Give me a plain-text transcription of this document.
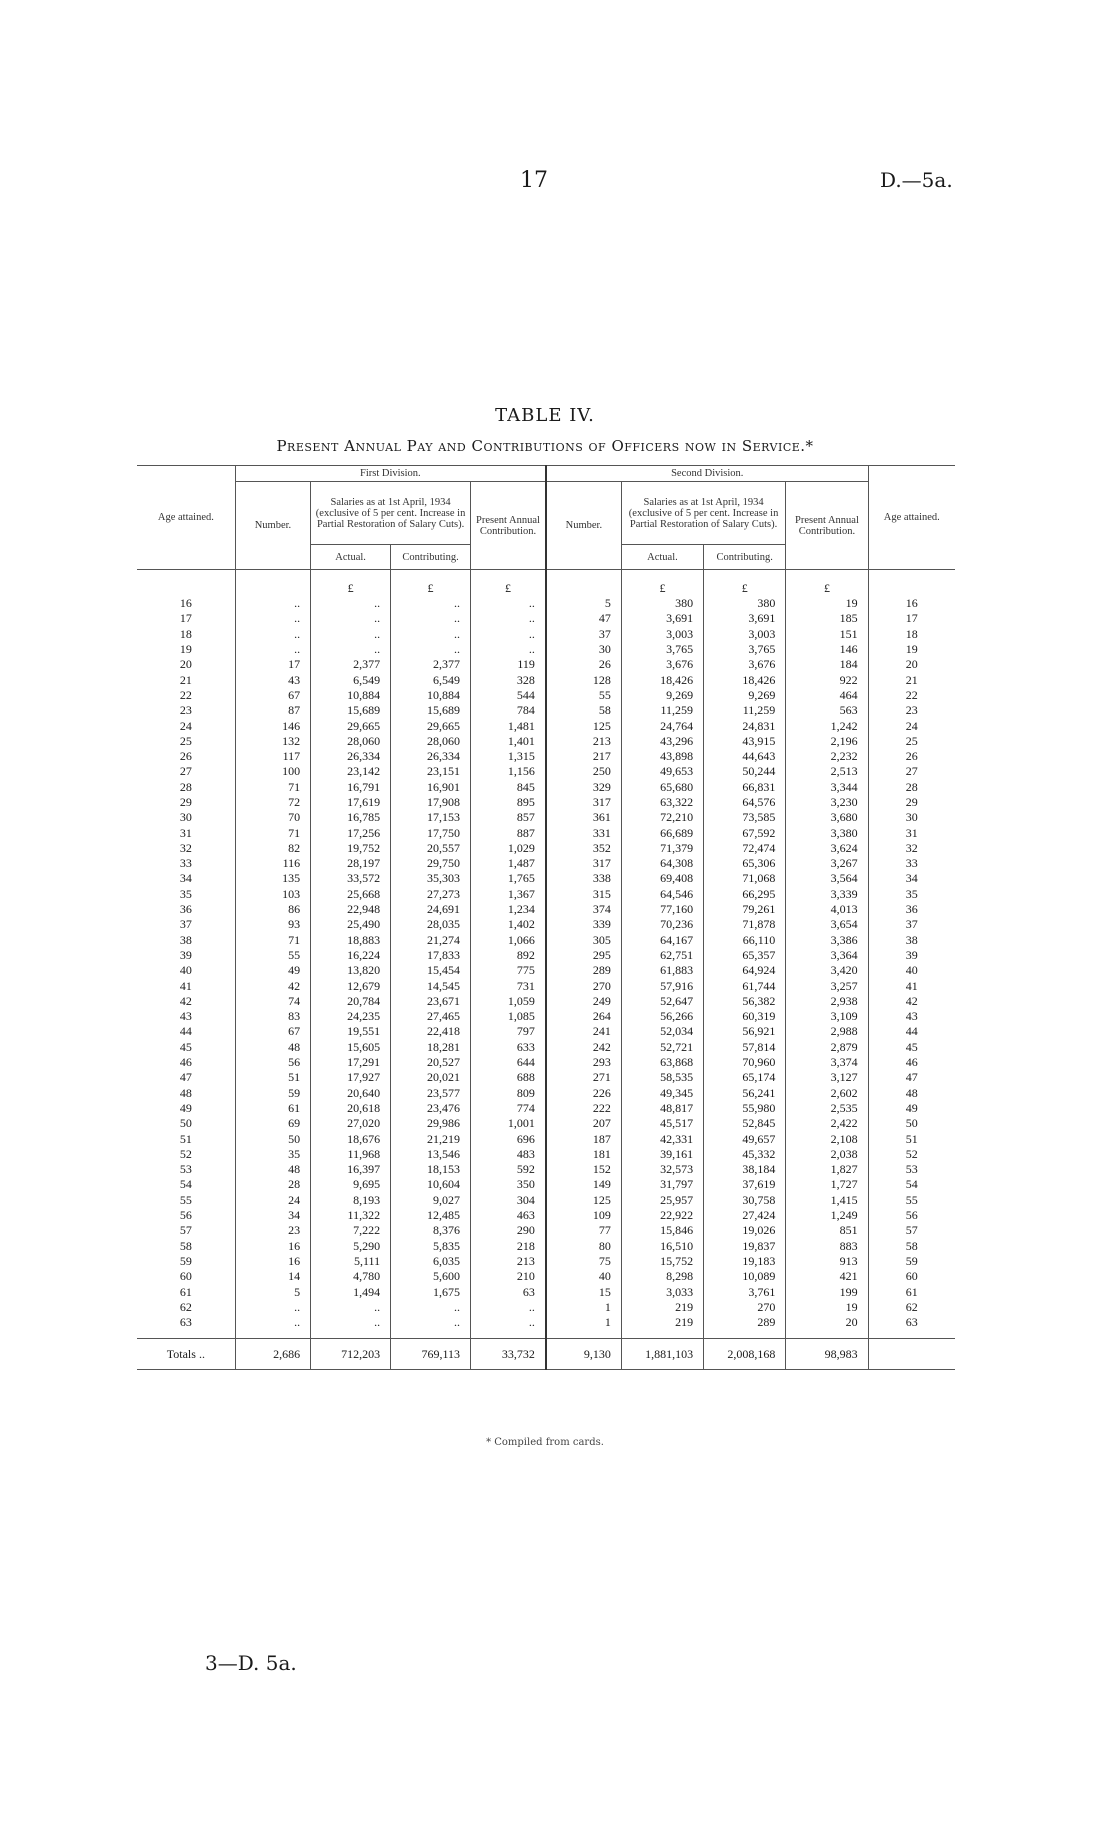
17	D.—5a.
TABLE IV.
Present Annual Pay and Contributions of Officers now in Service.*
Age attained.	First Division.				Second Division.				Age attained.
	Number.	Salaries as at 1st April, 1934 (exclusive of 5 per cent. Increase in Partial Restoration of Salary Cuts).		Present Annual Contribution.	Number.	Salaries as at 1st April, 1934 (exclusive of 5 per cent. Increase in Partial Restoration of Salary Cuts).		Present Annual Contribution.	
		Actual.	Contributing.			Actual.	Contributing.		
		£	£	£		£	£	£	
16	..	..	..	..	5	380	380	19	16
17	..	..	..	..	47	3,691	3,691	185	17
18	..	..	..	..	37	3,003	3,003	151	18
19	..	..	..	..	30	3,765	3,765	146	19
20	17	2,377	2,377	119	26	3,676	3,676	184	20
21	43	6,549	6,549	328	128	18,426	18,426	922	21
22	67	10,884	10,884	544	55	9,269	9,269	464	22
23	87	15,689	15,689	784	58	11,259	11,259	563	23
24	146	29,665	29,665	1,481	125	24,764	24,831	1,242	24
25	132	28,060	28,060	1,401	213	43,296	43,915	2,196	25
26	117	26,334	26,334	1,315	217	43,898	44,643	2,232	26
27	100	23,142	23,151	1,156	250	49,653	50,244	2,513	27
28	71	16,791	16,901	845	329	65,680	66,831	3,344	28
29	72	17,619	17,908	895	317	63,322	64,576	3,230	29
30	70	16,785	17,153	857	361	72,210	73,585	3,680	30
31	71	17,256	17,750	887	331	66,689	67,592	3,380	31
32	82	19,752	20,557	1,029	352	71,379	72,474	3,624	32
33	116	28,197	29,750	1,487	317	64,308	65,306	3,267	33
34	135	33,572	35,303	1,765	338	69,408	71,068	3,564	34
35	103	25,668	27,273	1,367	315	64,546	66,295	3,339	35
36	86	22,948	24,691	1,234	374	77,160	79,261	4,013	36
37	93	25,490	28,035	1,402	339	70,236	71,878	3,654	37
38	71	18,883	21,274	1,066	305	64,167	66,110	3,386	38
39	55	16,224	17,833	892	295	62,751	65,357	3,364	39
40	49	13,820	15,454	775	289	61,883	64,924	3,420	40
41	42	12,679	14,545	731	270	57,916	61,744	3,257	41
42	74	20,784	23,671	1,059	249	52,647	56,382	2,938	42
43	83	24,235	27,465	1,085	264	56,266	60,319	3,109	43
44	67	19,551	22,418	797	241	52,034	56,921	2,988	44
45	48	15,605	18,281	633	242	52,721	57,814	2,879	45
46	56	17,291	20,527	644	293	63,868	70,960	3,374	46
47	51	17,927	20,021	688	271	58,535	65,174	3,127	47
48	59	20,640	23,577	809	226	49,345	56,241	2,602	48
49	61	20,618	23,476	774	222	48,817	55,980	2,535	49
50	69	27,020	29,986	1,001	207	45,517	52,845	2,422	50
51	50	18,676	21,219	696	187	42,331	49,657	2,108	51
52	35	11,968	13,546	483	181	39,161	45,332	2,038	52
53	48	16,397	18,153	592	152	32,573	38,184	1,827	53
54	28	9,695	10,604	350	149	31,797	37,619	1,727	54
55	24	8,193	9,027	304	125	25,957	30,758	1,415	55
56	34	11,322	12,485	463	109	22,922	27,424	1,249	56
57	23	7,222	8,376	290	77	15,846	19,026	851	57
58	16	5,290	5,835	218	80	16,510	19,837	883	58
59	16	5,111	6,035	213	75	15,752	19,183	913	59
60	14	4,780	5,600	210	40	8,298	10,089	421	60
61	5	1,494	1,675	63	15	3,033	3,761	199	61
62	..	..	..	..	1	219	270	19	62
63	..	..	..	..	1	219	289	20	63

Totals ..	2,686	712,203	769,113	33,732	9,130	1,881,103	2,008,168	98,983	
* Compiled from cards.
3—D. 5a.
